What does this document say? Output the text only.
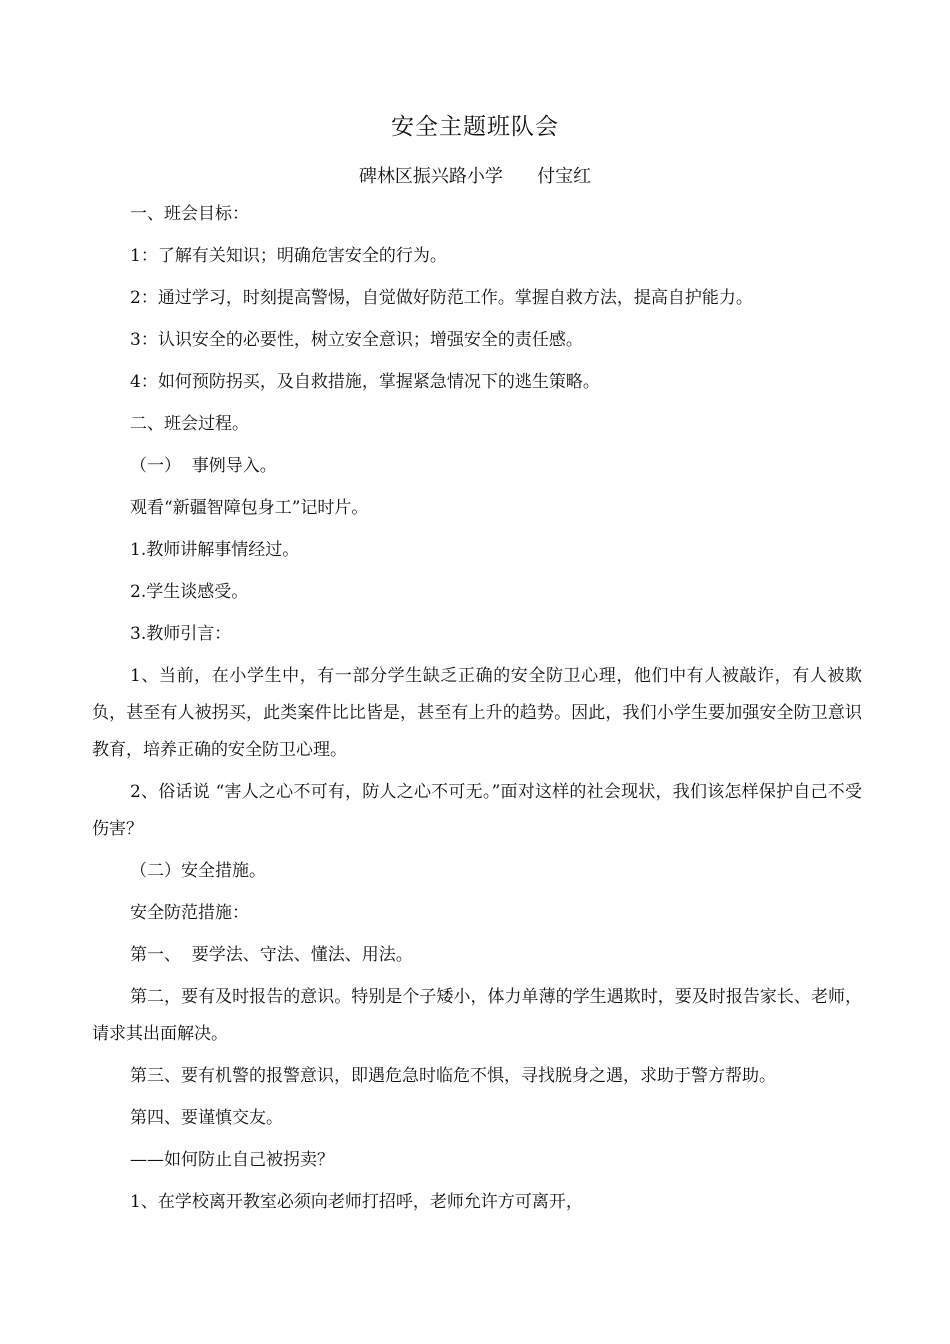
安全主题班队会
碑林区振兴路小学      付宝红

一、班会目标：

1：了解有关知识；明确危害安全的行为。

2：通过学习，时刻提高警惕，自觉做好防范工作。掌握自救方法，提高自护能力。

3：认识安全的必要性，树立安全意识；增强安全的责任感。

4：如何预防拐买，及自救措施，掌握紧急情况下的逃生策略。

二、班会过程。

（一）  事例导入。

观看“新疆智障包身工”记时片。

1.教师讲解事情经过。

2.学生谈感受。

3.教师引言：

1、当前，在小学生中，有一部分学生缺乏正确的安全防卫心理，他们中有人被敲诈，有人被欺负，甚至有人被拐买，此类案件比比皆是，甚至有上升的趋势。因此，我们小学生要加强安全防卫意识教育，培养正确的安全防卫心理。

2、俗话说 “害人之心不可有，防人之心不可无。”面对这样的社会现状，我们该怎样保护自己不受伤害？

（二）安全措施。

安全防范措施：

第一、  要学法、守法、懂法、用法。

第二，要有及时报告的意识。特别是个子矮小，体力单薄的学生遇欺时，要及时报告家长、老师，请求其出面解决。

第三、要有机警的报警意识，即遇危急时临危不惧，寻找脱身之遇，求助于警方帮助。

第四、要谨慎交友。

——如何防止自己被拐卖？

1、在学校离开教室必须向老师打招呼，老师允许方可离开，
